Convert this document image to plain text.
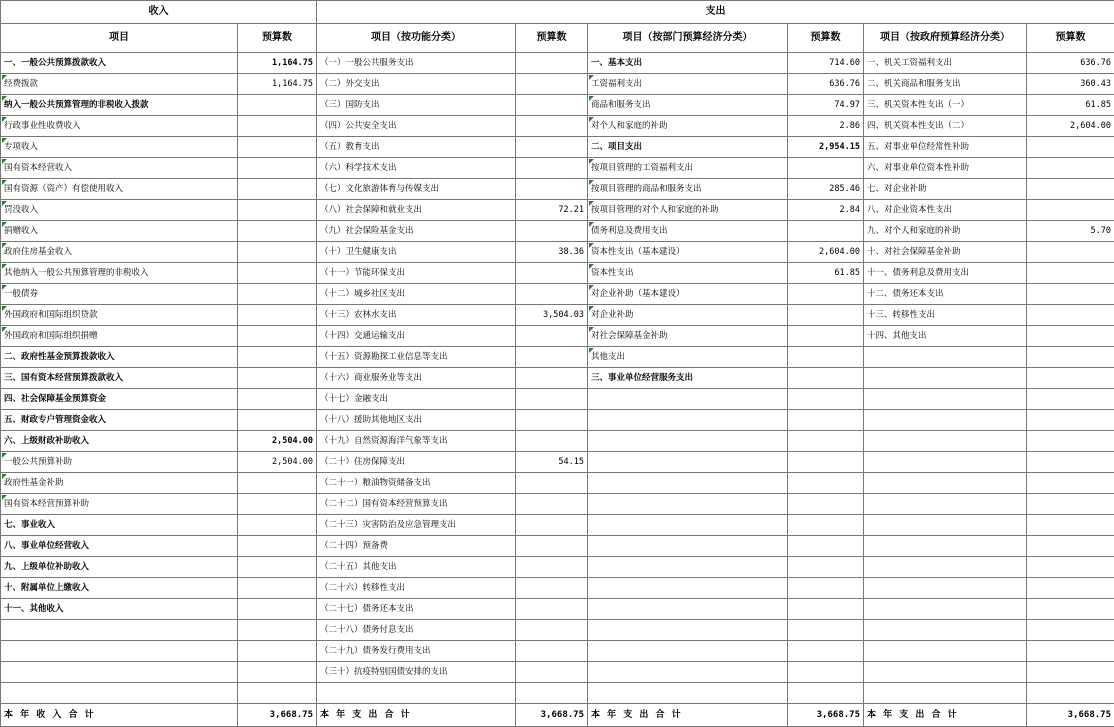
收入		支出					
项目	预算数	项目（按功能分类）	预算数	项目（按部门预算经济分类）	预算数	项目（按政府预算经济分类）	预算数
一、一般公共预算拨款收入	1,164.75	（一）一般公共服务支出		一、基本支出	714.60	一、机关工资福利支出	636.76
经费拨款	1,164.75	（二）外交支出		工资福利支出	636.76	二、机关商品和服务支出	360.43
纳入一般公共预算管理的非税收入拨款		（三）国防支出		商品和服务支出	74.97	三、机关资本性支出（一）	61.85
行政事业性收费收入		（四）公共安全支出		对个人和家庭的补助	2.86	四、机关资本性支出（二）	2,604.00
专项收入		（五）教育支出		二、项目支出	2,954.15	五、对事业单位经常性补助	
国有资本经营收入		（六）科学技术支出		按项目管理的工资福利支出		六、对事业单位资本性补助	
国有资源（资产）有偿使用收入		（七）文化旅游体育与传媒支出		按项目管理的商品和服务支出	285.46	七、对企业补助	
罚没收入		（八）社会保障和就业支出	72.21	按项目管理的对个人和家庭的补助	2.84	八、对企业资本性支出	
捐赠收入		（九）社会保险基金支出		债务利息及费用支出		九、对个人和家庭的补助	5.70
政府住房基金收入		（十）卫生健康支出	38.36	资本性支出（基本建设）	2,604.00	十、对社会保障基金补助	
其他纳入一般公共预算管理的非税收入		（十一）节能环保支出		资本性支出	61.85	十一、债务利息及费用支出	
一般债券		（十二）城乡社区支出		对企业补助（基本建设）		十二、债务还本支出	
外国政府和国际组织贷款		（十三）农林水支出	3,504.03	对企业补助		十三、转移性支出	
外国政府和国际组织捐赠		（十四）交通运输支出		对社会保障基金补助		十四、其他支出	
二、政府性基金预算拨款收入		（十五）资源勘探工业信息等支出		其他支出			
三、国有资本经营预算拨款收入		（十六）商业服务业等支出		三、事业单位经营服务支出			
四、社会保障基金预算资金		（十七）金融支出					
五、财政专户管理资金收入		（十八）援助其他地区支出					
六、上级财政补助收入	2,504.00	（十九）自然资源海洋气象等支出					
一般公共预算补助	2,504.00	（二十）住房保障支出	54.15				
政府性基金补助		（二十一）粮油物资储备支出					
国有资本经营预算补助		（二十二）国有资本经营预算支出					
七、事业收入		（二十三）灾害防治及应急管理支出					
八、事业单位经营收入		（二十四）预备费					
九、上级单位补助收入		（二十五）其他支出					
十、附属单位上缴收入		（二十六）转移性支出					
十一、其他收入		（二十七）债务还本支出					
		（二十八）债务付息支出					
		（二十九）债务发行费用支出					
		（三十）抗疫特别国债安排的支出					

本 年 收 入 合 计	3,668.75	本 年 支 出 合 计	3,668.75	本 年 支 出 合 计	3,668.75	本 年 支 出 合 计	3,668.75
